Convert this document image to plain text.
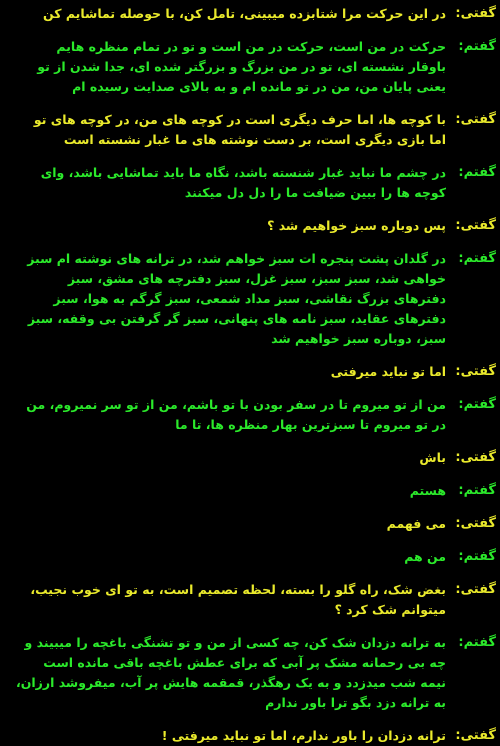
گفتی:
در این حرکت مرا شتابزده میبینی، تامل کن، با حوصله تماشایم کن
گفتم:
حرکت در من است، حرکت در من است و تو در تمام منظره هایم باوقار نشسته ای، تو در من بزرگ و بزرگتر شده ای، جدا شدن از تو یعنی پایان من، من در تو مانده ام و به بالای صدایت رسیده ام
گفتی:
با کوچه ها، اما حرف دیگری است در کوچه های من، در کوچه های تو اما بازی دیگری است، بر دست نوشته های ما غبار نشسته است
گفتم:
در چشم ما نباید غبار شنسته باشد، نگاه ما باید تماشایی باشد، وای کوچه ها را ببین ضیافت ما را دل دل میکنند
گفتی:
پس دوباره سبز خواهیم شد ؟
گفتم:
در گلدان پشت پنجره ات سبز خواهم شد، در ترانه های نوشته ام سبز خواهی شد، سبز سبز، سبز غزل، سبز دفترچه های مشق، سبز دفترهای بزرگ نقاشی، سبز مداد شمعی، سبز گرگم به هوا، سبز دفترهای عقاید، سبز نامه های پنهانی، سبز گر گرفتن بی وقفه، سبز سبز، دوباره سبز خواهیم شد
گفتی:
اما تو نباید میرفتی
گفتم:
من از تو میروم تا در سفر بودن با تو باشم، من از تو سر نمیروم، من در تو میروم تا سبزترین بهار منظره ها، تا ما
گفتی:
باش
گفتم:
هستم
گفتی:
می فهمم
گفتم:
من هم
گفتی:
بغض شک، راه گلو را بسته، لحظه تصمیم است، به تو ای خوب نجیب، میتوانم شک کرد ؟
گفتم:
به ترانه دزدان شک کن، چه کسی از من و تو تشنگی باغچه را میبیند و چه بی رحمانه مشک پر آبی که برای عطش باغچه باقی مانده است نیمه شب میدزدد و به یک رهگذر، قمقمه هایش پر آب، میفروشد ارزان، به ترانه دزد بگو ترا باور ندارم
گفتی:
ترانه دزدان را باور ندارم، اما تو نباید میرفتی !
